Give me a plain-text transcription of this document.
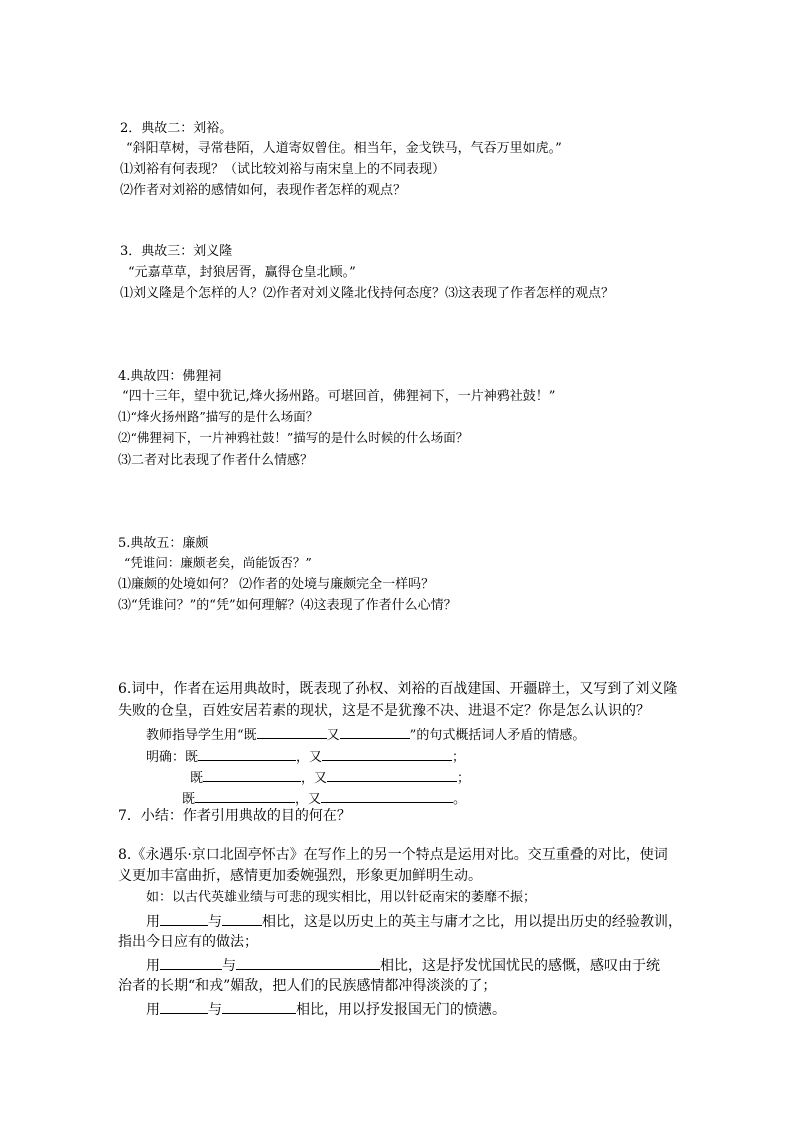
2．典故二：刘裕。
“斜阳草树，寻常巷陌，人道寄奴曾住。相当年，金戈铁马，气吞万里如虎。”
⑴刘裕有何表现？（试比较刘裕与南宋皇上的不同表现）
⑵作者对刘裕的感情如何，表现作者怎样的观点？
3．典故三：刘义隆
“元嘉草草，封狼居胥，赢得仓皇北顾。”
⑴刘义隆是个怎样的人？⑵作者对刘义隆北伐持何态度？⑶这表现了作者怎样的观点？
4.典故四：佛狸祠
“四十三年，望中犹记,烽火扬州路。可堪回首，佛狸祠下，一片神鸦社鼓！”
⑴“烽火扬州路”描写的是什么场面？
⑵“佛狸祠下，一片神鸦社鼓！”描写的是什么时候的什么场面？
⑶二者对比表现了作者什么情感？
5.典故五：廉颇
“凭谁问：廉颇老矣，尚能饭否？”
⑴廉颇的处境如何？ ⑵作者的处境与廉颇完全一样吗？
⑶“凭谁问？”的“凭”如何理解？⑷这表现了作者什么心情？
6.词中，作者在运用典故时，既表现了孙权、刘裕的百战建国、开疆辟土，又写到了刘义隆
失败的仓皇，百姓安居若素的现状，这是不是犹豫不决、进退不定？你是怎么认识的？
教师指导学生用“既	又	”的句式概括词人矛盾的情感。
明确：既	，又	；
既	，又	；
既	，又	。
7．小结：作者引用典故的目的何在？
8.《永遇乐·京口北固亭怀古》在写作上的另一个特点是运用对比。交互重叠的对比，使词
义更加丰富曲折，感情更加委婉强烈，形象更加鲜明生动。
如：以古代英雄业绩与可悲的现实相比，用以针砭南宋的萎靡不振；
用	与	相比，这是以历史上的英主与庸才之比，用以提出历史的经验教训，
指出今日应有的做法；
用	与	相比，这是抒发忧国忧民的感慨，感叹由于统
治者的长期“和戎”媚敌，把人们的民族感情都冲得淡淡的了；
用	与	相比，用以抒发报国无门的愤懑。
